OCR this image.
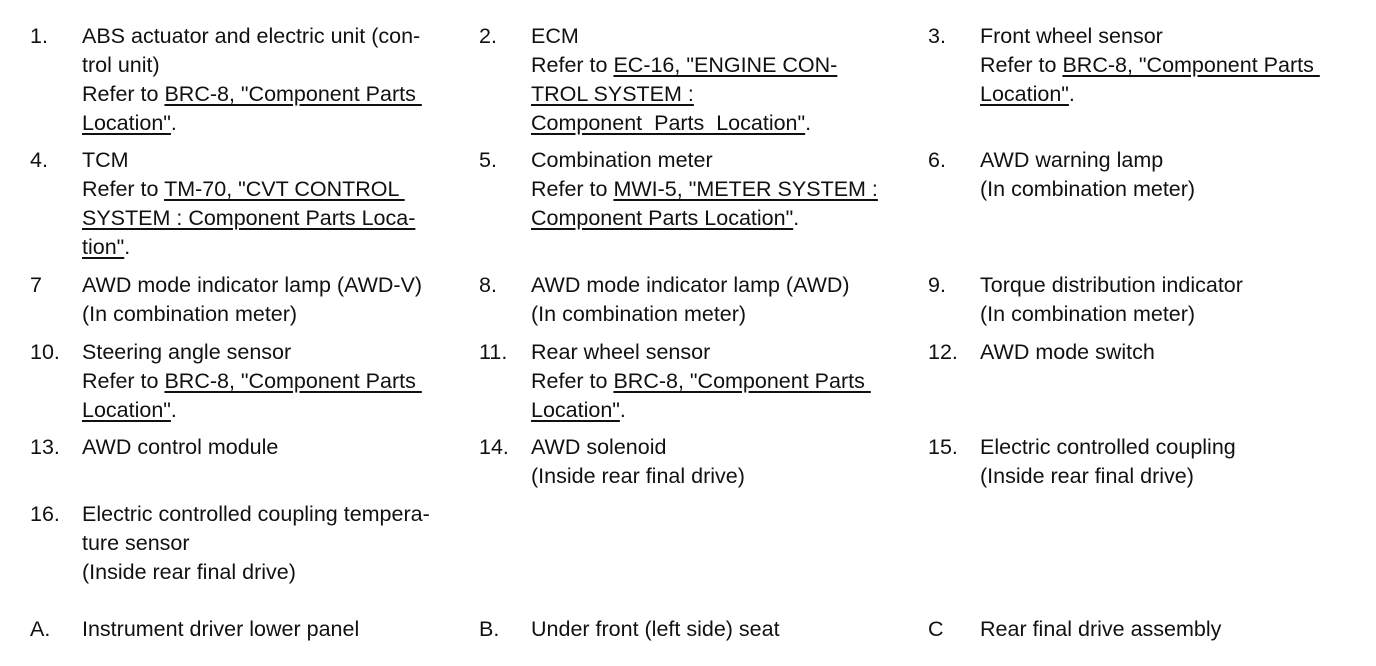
1. ABS actuator and electric unit (con-
trol unit)
Refer to BRC-8, "Component Parts
Location".
2. ECM
Refer to EC-16, "ENGINE CON-
TROL SYSTEM :
Component  Parts  Location".
3. Front wheel sensor
Refer to BRC-8, "Component Parts
Location".
4. TCM
Refer to TM-70, "CVT CONTROL
SYSTEM : Component Parts Loca-
tion".
5. Combination meter
Refer to MWI-5, "METER SYSTEM :
Component Parts Location".
6. AWD warning lamp
(In combination meter)
7 AWD mode indicator lamp (AWD-V)
(In combination meter)
8. AWD mode indicator lamp (AWD)
(In combination meter)
9. Torque distribution indicator
(In combination meter)
10. Steering angle sensor
Refer to BRC-8, "Component Parts
Location".
11. Rear wheel sensor
Refer to BRC-8, "Component Parts
Location".
12. AWD mode switch
13. AWD control module	14. AWD solenoid
(Inside rear final drive)
15. Electric controlled coupling
(Inside rear final drive)
16. Electric controlled coupling tempera-
ture sensor
(Inside rear final drive)
A. Instrument driver lower panel	B. Under front (left side) seat	C Rear final drive assembly
